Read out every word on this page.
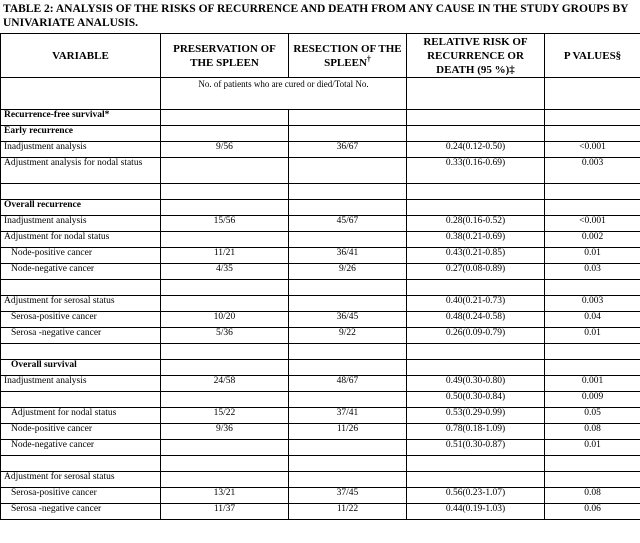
TABLE 2: ANALYSIS OF THE RISKS OF RECURRENCE AND DEATH FROM ANY CAUSE IN THE STUDY GROUPS BY UNIVARIATE ANALUSIS.
VARIABLE	PRESERVATION OF THE SPLEEN	RESECTION OF THE SPLEEN†	RELATIVE RISK OF RECURRENCE OR DEATH (95 %)‡	P VALUES§
	No. of patients who are cured or died/Total No.			
Recurrence-free survival*				
Early recurrence				
Inadjustment analysis	9/56	36/67	0.24(0.12-0.50)	<0.001
Adjustment analysis for nodal status			0.33(0.16-0.69)	0.003

Overall recurrence				
Inadjustment analysis	15/56	45/67	0.28(0.16-0.52)	<0.001
Adjustment for nodal status			0.38(0.21-0.69)	0.002
Node-positive cancer	11/21	36/41	0.43(0.21-0.85)	0.01
Node-negative cancer	4/35	9/26	0.27(0.08-0.89)	0.03

Adjustment for serosal status			0.40(0.21-0.73)	0.003
Serosa-positive cancer	10/20	36/45	0.48(0.24-0.58)	0.04
Serosa -negative cancer	5/36	9/22	0.26(0.09-0.79)	0.01

Overall survival				
Inadjustment analysis	24/58	48/67	0.49(0.30-0.80)	0.001
			0.50(0.30-0.84)	0.009
Adjustment for nodal status	15/22	37/41	0.53(0.29-0.99)	0.05
Node-positive cancer	9/36	11/26	0.78(0.18-1.09)	0.08
Node-negative cancer			0.51(0.30-0.87)	0.01

Adjustment for serosal status				
Serosa-positive cancer	13/21	37/45	0.56(0.23-1.07)	0.08
Serosa -negative cancer	11/37	11/22	0.44(0.19-1.03)	0.06
